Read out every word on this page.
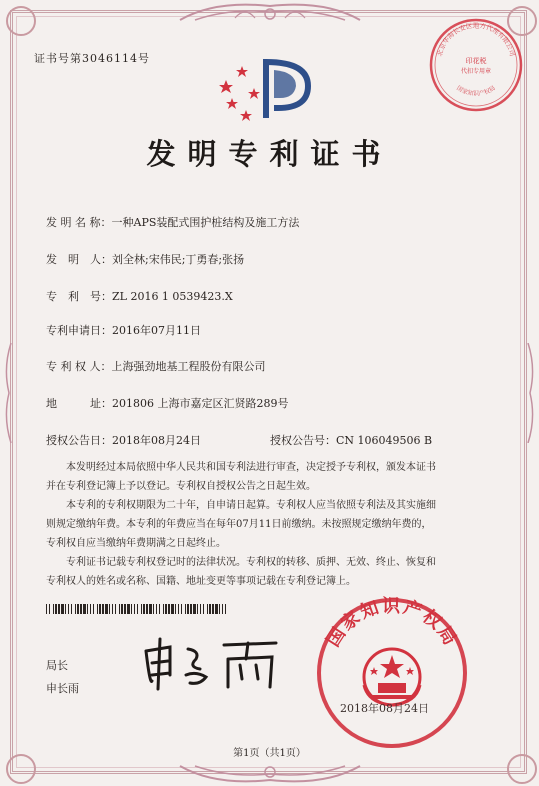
证书号第3046114号
发明专利证书
发 明 名 称：一种APS装配式围护桩结构及施工方法
发　明　人：刘全林;宋伟民;丁勇春;张扬
专　利　号：ZL 2016 1 0539423.X
专利申请日：2016年07月11日
专 利 权 人：上海强劲地基工程股份有限公司
地　　　址：201806 上海市嘉定区汇贤路289号
授权公告日：2018年08月24日	授权公告号：CN 106049506 B
本发明经过本局依照中华人民共和国专利法进行审查，决定授予专利权，颁发本证书
并在专利登记簿上予以登记。专利权自授权公告之日起生效。
本专利的专利权期限为二十年，自申请日起算。专利权人应当依照专利法及其实施细
则规定缴纳年费。本专利的年费应当在每年07月11日前缴纳。未按照规定缴纳年费的，
专利权自应当缴纳年费期满之日起终止。
专利证书记载专利权登记时的法律状况。专利权的转移、质押、无效、终止、恢复和
专利权人的姓名或名称、国籍、地址变更等事项记载在专利登记簿上。
局长
申长雨
北京华海长安区地方代理有限公司
印花税
代扣专用章
国家知识产权局
国家知识产权局
2018年08月24日
第1页（共1页）
